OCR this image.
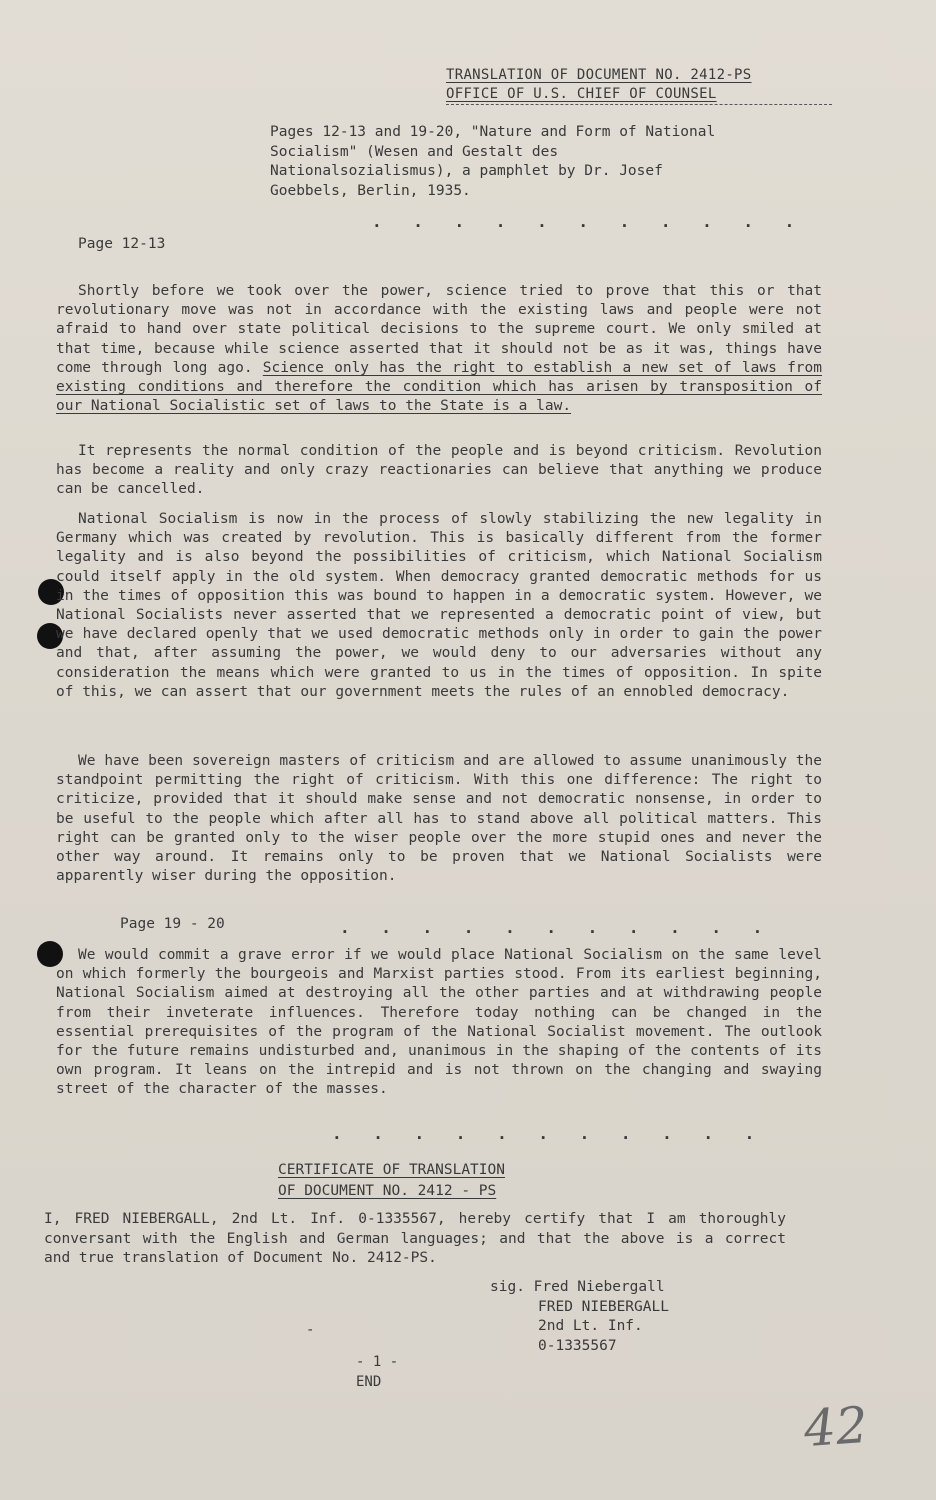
TRANSLATION OF DOCUMENT NO. 2412-PS
OFFICE OF U.S. CHIEF OF COUNSEL
Pages 12-13 and 19-20, "Nature and Form of National Socialism" (Wesen and Gestalt des Nationalsozialismus), a pamphlet by Dr. Josef Goebbels, Berlin, 1935.
. . . . . . . . . . .
Page 12-13
Shortly before we took over the power, science tried to prove that this or that revolutionary move was not in accordance with the existing laws and people were not afraid to hand over state political decisions to the supreme court. We only smiled at that time, because while science asserted that it should not be as it was, things have come through long ago. Science only has the right to establish a new set of laws from existing conditions and therefore the condition which has arisen by transposition of our National Socialistic set of laws to the State is a law.
It represents the normal condition of the people and is beyond criticism. Revolution has become a reality and only crazy reactionaries can believe that anything we produce can be cancelled.
National Socialism is now in the process of slowly stabilizing the new legality in Germany which was created by revolution. This is basically different from the former legality and is also beyond the possibilities of criticism, which National Socialism could itself apply in the old system. When democracy granted democratic methods for us in the times of opposition this was bound to happen in a democratic system. However, we National Socialists never asserted that we represented a democratic point of view, but we have declared openly that we used democratic methods only in order to gain the power and that, after assuming the power, we would deny to our adversaries without any consideration the means which were granted to us in the times of opposition. In spite of this, we can assert that our government meets the rules of an ennobled democracy.
We have been sovereign masters of criticism and are allowed to assume unanimously the standpoint permitting the right of criticism. With this one difference: The right to criticize, provided that it should make sense and not democratic nonsense, in order to be useful to the people which after all has to stand above all political matters. This right can be granted only to the wiser people over the more stupid ones and never the other way around. It remains only to be proven that we National Socialists were apparently wiser during the opposition.
Page 19 - 20	. . . . . . . . . . .
We would commit a grave error if we would place National Socialism on the same level on which formerly the bourgeois and Marxist parties stood. From its earliest beginning, National Socialism aimed at destroying all the other parties and at withdrawing people from their inveterate influences. Therefore today nothing can be changed in the essential prerequisites of the program of the National Socialist movement. The outlook for the future remains undisturbed and, unanimous in the shaping of the contents of its own program. It leans on the intrepid and is not thrown on the changing and swaying street of the character of the masses.
. . . . . . . . . . .
CERTIFICATE OF TRANSLATION
OF DOCUMENT NO. 2412 - PS
I, FRED NIEBERGALL, 2nd Lt. Inf. 0-1335567, hereby certify that I am thoroughly conversant with the English and German languages; and that the above is a correct and true translation of Document No. 2412-PS.
sig. Fred Niebergall
FRED NIEBERGALL
2nd Lt. Inf.
0-1335567
-
- 1 -
END
42
